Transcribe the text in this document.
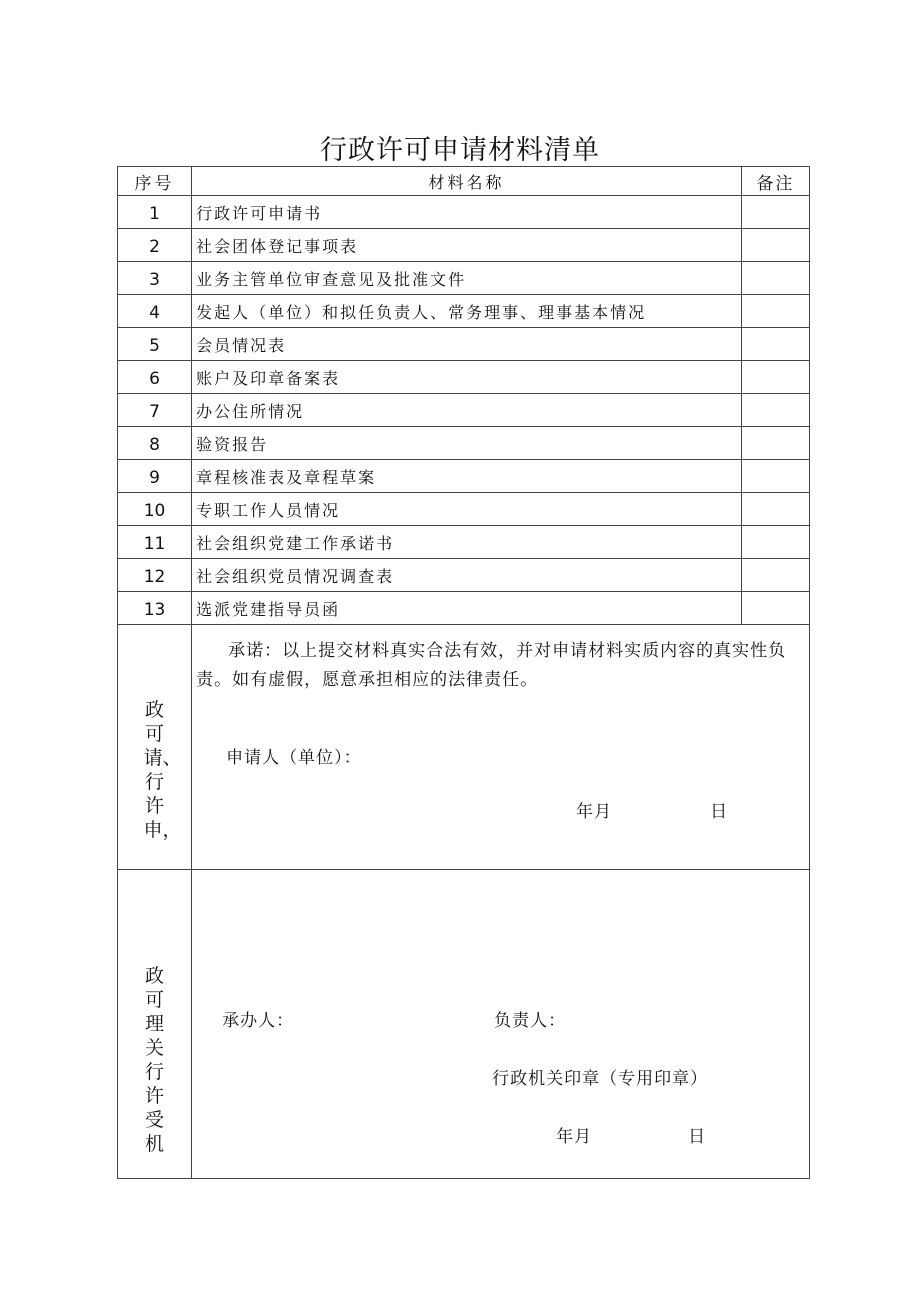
行政许可申请材料清单
序号	材料名称	备注
1	行政许可申请书	
2	社会团体登记事项表	
3	业务主管单位审查意见及批准文件	
4	发起人（单位）和拟任负责人、常务理事、理事基本情况	
5	会员情况表	
6	账户及印章备案表	
7	办公住所情况	
8	验资报告	
9	章程核准表及章程草案	
10	专职工作人员情况	
11	社会组织党建工作承诺书	
12	社会组织党员情况调查表	
13	选派党建指导员函	

政可请、行许申，	承诺：以上提交材料真实合法有效，并对申请材料实质内容的真实性负责。如有虚假，愿意承担相应的法律责任。
申请人（单位）：
年月 日	

政可理关行许受机	承办人： 负责人：
行政机关印章（专用印章）
年月 日	
